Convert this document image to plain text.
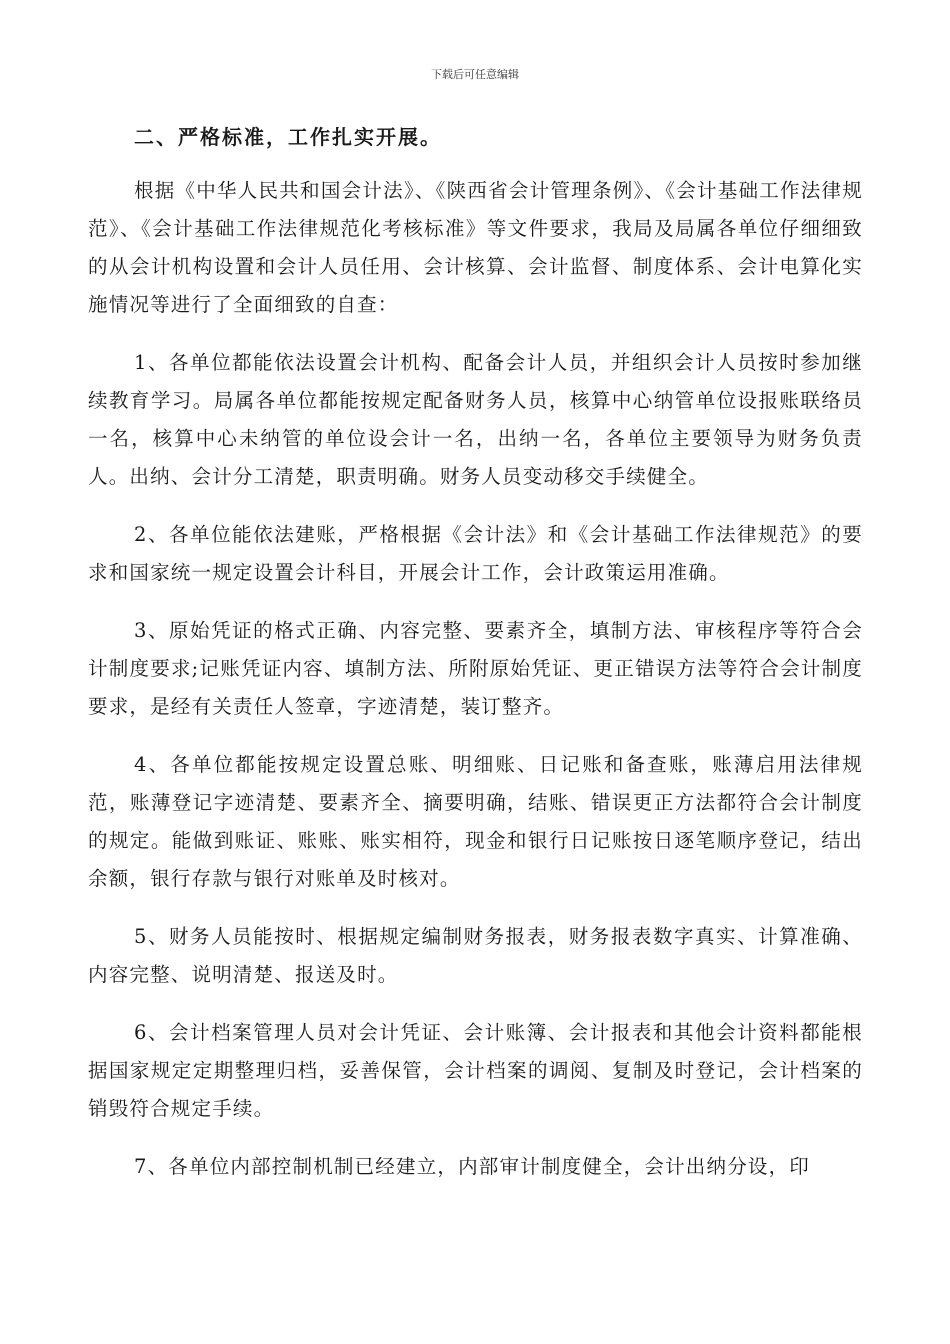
下载后可任意编辑
二、严格标准，工作扎实开展。

根据《中华人民共和国会计法》、《陕西省会计管理条例》、《会计基础工作法律规范》、《会计基础工作法律规范化考核标准》等文件要求，我局及局属各单位仔细细致的从会计机构设置和会计人员任用、会计核算、会计监督、制度体系、会计电算化实施情况等进行了全面细致的自查：

1、各单位都能依法设置会计机构、配备会计人员，并组织会计人员按时参加继续教育学习。局属各单位都能按规定配备财务人员，核算中心纳管单位设报账联络员一名，核算中心未纳管的单位设会计一名，出纳一名，各单位主要领导为财务负责人。出纳、会计分工清楚，职责明确。财务人员变动移交手续健全。

2、各单位能依法建账，严格根据《会计法》和《会计基础工作法律规范》的要求和国家统一规定设置会计科目，开展会计工作，会计政策运用准确。

3、原始凭证的格式正确、内容完整、要素齐全，填制方法、审核程序等符合会计制度要求;记账凭证内容、填制方法、所附原始凭证、更正错误方法等符合会计制度要求，是经有关责任人签章，字迹清楚，装订整齐。

4、各单位都能按规定设置总账、明细账、日记账和备查账，账薄启用法律规范，账薄登记字迹清楚、要素齐全、摘要明确，结账、错误更正方法都符合会计制度的规定。能做到账证、账账、账实相符，现金和银行日记账按日逐笔顺序登记，结出余额，银行存款与银行对账单及时核对。

5、财务人员能按时、根据规定编制财务报表，财务报表数字真实、计算准确、内容完整、说明清楚、报送及时。

6、会计档案管理人员对会计凭证、会计账簿、会计报表和其他会计资料都能根据国家规定定期整理归档，妥善保管，会计档案的调阅、复制及时登记，会计档案的销毁符合规定手续。

7、各单位内部控制机制已经建立，内部审计制度健全，会计出纳分设，印
